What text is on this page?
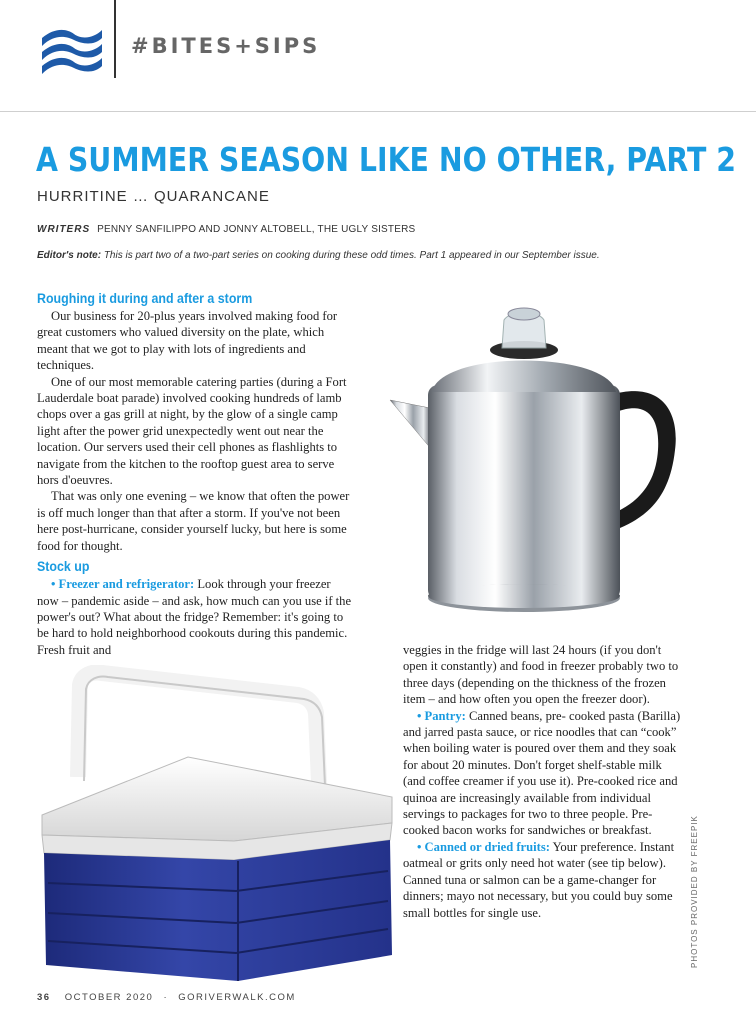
#BITES+SIPS
A SUMMER SEASON LIKE NO OTHER, PART 2
HURRITINE … QUARANCANE
WRITERS PENNY SANFILIPPO AND JONNY ALTOBELL, THE UGLY SISTERS
Editor's note: This is part two of a two-part series on cooking during these odd times. Part 1 appeared in our September issue.
Roughing it during and after a storm

Our business for 20-plus years involved making food for great customers who valued diversity on the plate, which meant that we got to play with lots of ingredients and techniques.

One of our most memorable catering parties (during a Fort Lauderdale boat parade) involved cooking hundreds of lamb chops over a gas grill at night, by the glow of a single camp light after the power grid unexpectedly went out near the location. Our servers used their cell phones as flashlights to navigate from the kitchen to the rooftop guest area to serve hors d'oeuvres.

That was only one evening – we know that often the power is off much longer than that after a storm. If you've not been here post-hurricane, consider yourself lucky, but here is some food for thought.

Stock up

• Freezer and refrigerator: Look through your freezer now – pandemic aside – and ask, how much can you use if the power's out? What about the fridge? Remember: it's going to be hard to hold neighborhood cookouts during this pandemic. Fresh fruit and	veggies in the fridge will last 24 hours (if you don't open it constantly) and food in freezer probably two to three days (depending on the thickness of the frozen item – and how often you open the freezer door).

• Pantry: Canned beans, pre- cooked pasta (Barilla) and jarred pasta sauce, or rice noodles that can “cook” when boiling water is poured over them and they soak for about 20 minutes. Don't forget shelf-stable milk (and coffee creamer if you use it). Pre-cooked rice and quinoa are increasingly available from individual servings to packages for two to three people. Pre-cooked bacon works for sandwiches or breakfast.

• Canned or dried fruits: Your preference. Instant oatmeal or grits only need hot water (see tip below). Canned tuna or salmon can be a game-changer for dinners; mayo not necessary, but you could buy some small bottles for single use.	PHOTOS PROVIDED BY FREEPIK
36 OCTOBER 2020 · GORIVERWALK.COM
